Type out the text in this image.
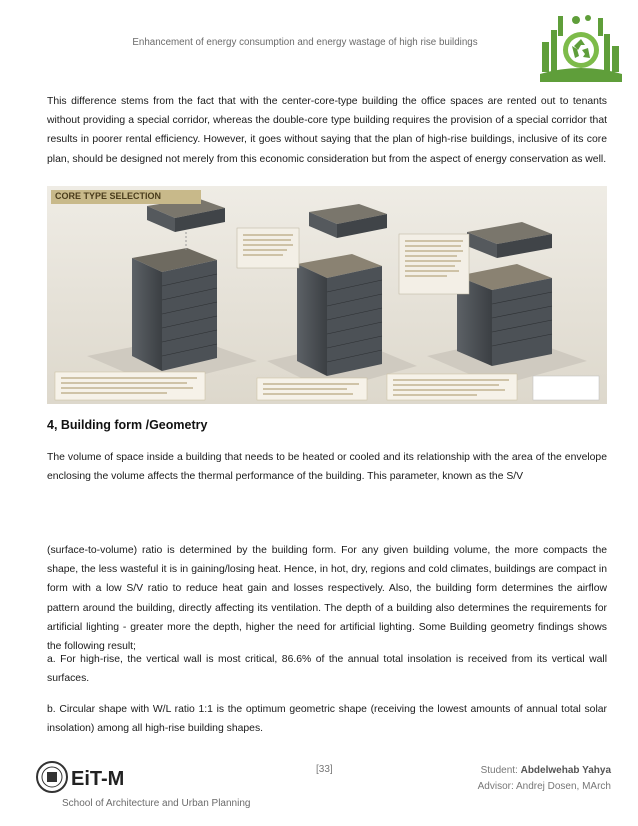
Enhancement of energy consumption and energy wastage of high rise buildings
This difference stems from the fact that with the center-core-type building the office spaces are rented out to tenants without providing a special corridor, whereas the double-core type building requires the provision of a special corridor that results in poorer rental efficiency. However, it goes without saying that the plan of high-rise buildings, inclusive of its core plan, should be designed not merely from this economic consideration but from the aspect of energy conservation as well.
CORE TYPE SELECTION
4, Building form /Geometry
The volume of space inside a building that needs to be heated or cooled and its relationship with the area of the envelope enclosing the volume affects the thermal performance of the building. This parameter, known as the S/V
(surface-to-volume) ratio is determined by the building form. For any given building volume, the more compacts the shape, the less wasteful it is in gaining/losing heat. Hence, in hot, dry, regions and cold climates, buildings are compact in form with a low S/V ratio to reduce heat gain and losses respectively. Also, the building form determines the airflow pattern around the building, directly affecting its ventilation. The depth of a building also determines the requirements for artificial lighting - greater more the depth, higher the need for artificial lighting. Some Building geometry findings shows the following result;
a. For high-rise, the vertical wall is most critical, 86.6% of the annual total insolation is received from its vertical wall surfaces.
b. Circular shape with W/L ratio 1:1 is the optimum geometric shape (receiving the lowest amounts of annual total solar insolation) among all high-rise building shapes.
EiT-M	[33]	Student: Abdelwehab Yahya
Advisor: Andrej Dosen, MArch
School of Architecture and Urban Planning
